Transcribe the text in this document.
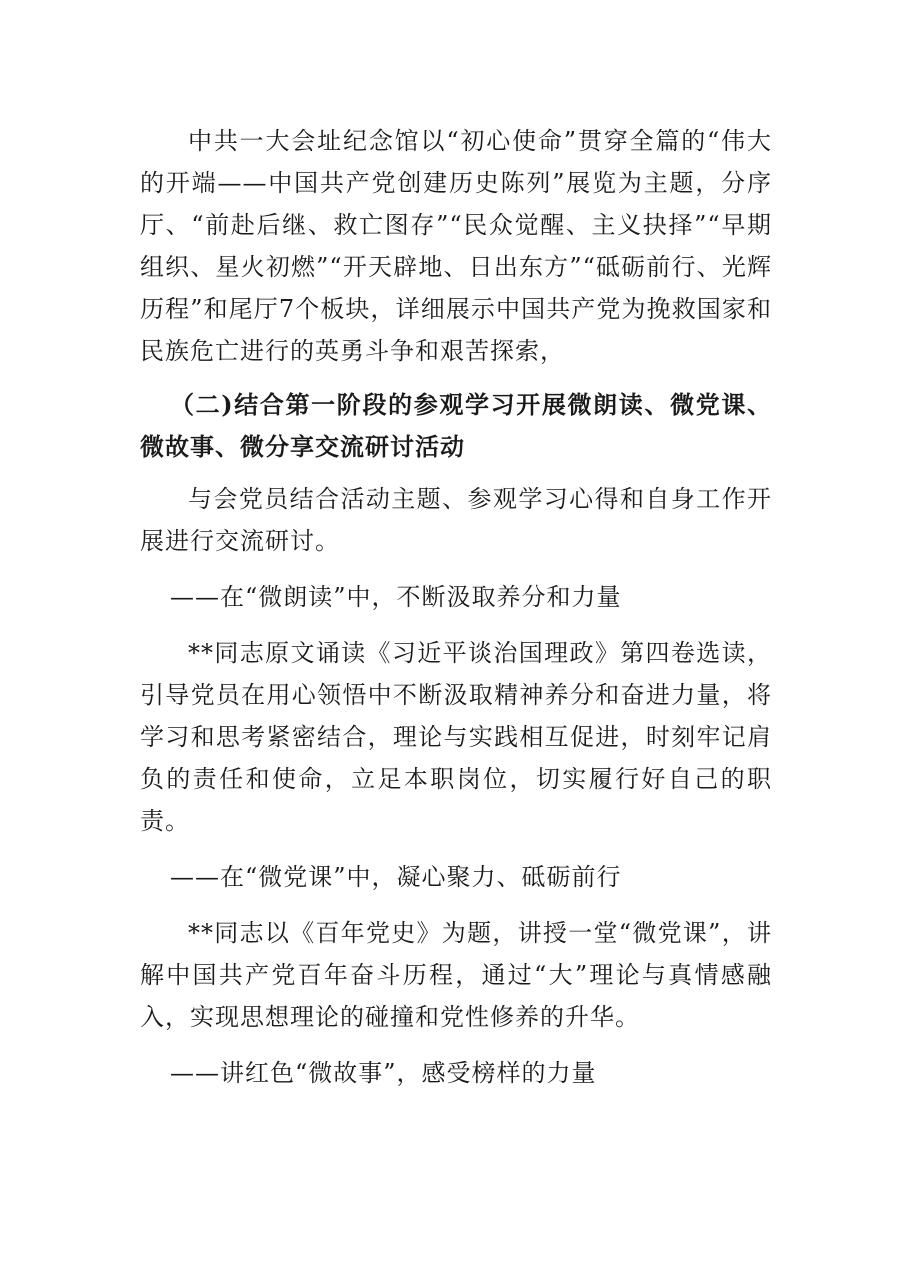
中共一大会址纪念馆以“初心使命”贯穿全篇的“伟大的开端——中国共产党创建历史陈列”展览为主题，分序厅、“前赴后继、救亡图存”“民众觉醒、主义抉择”“早期组织、星火初燃”“开天辟地、日出东方”“砥砺前行、光辉历程”和尾厅7个板块，详细展示中国共产党为挽救国家和民族危亡进行的英勇斗争和艰苦探索，

（二)结合第一阶段的参观学习开展微朗读、微党课、微故事、微分享交流研讨活动

与会党员结合活动主题、参观学习心得和自身工作开展进行交流研讨。

——在“微朗读”中，不断汲取养分和力量

**同志原文诵读《习近平谈治国理政》第四卷选读，引导党员在用心领悟中不断汲取精神养分和奋进力量，将学习和思考紧密结合，理论与实践相互促进，时刻牢记肩负的责任和使命，立足本职岗位，切实履行好自己的职责。

——在“微党课”中，凝心聚力、砥砺前行

**同志以《百年党史》为题，讲授一堂“微党课”，讲解中国共产党百年奋斗历程，通过“大”理论与真情感融入，实现思想理论的碰撞和党性修养的升华。

——讲红色“微故事”，感受榜样的力量
